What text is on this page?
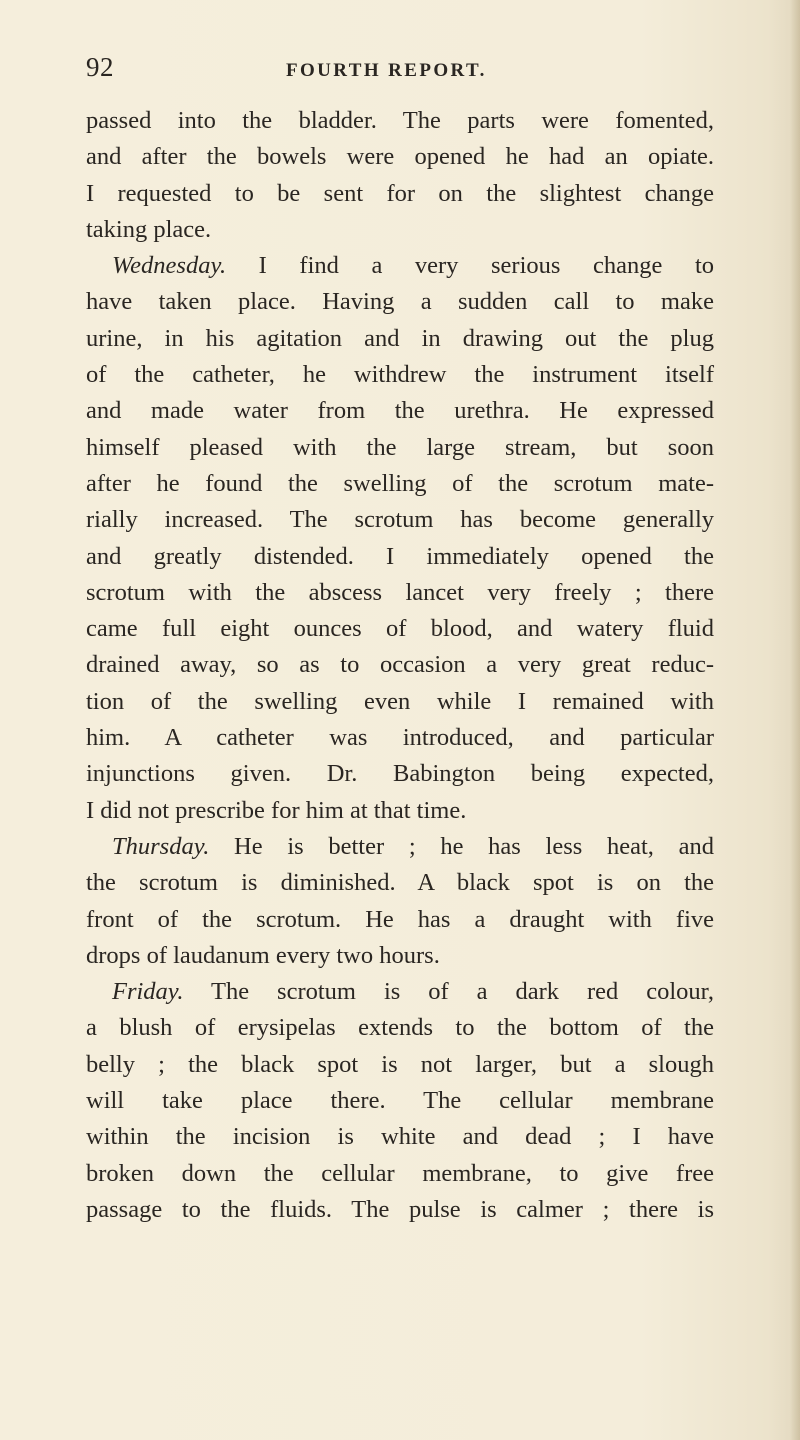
92	FOURTH REPORT.
passed into the bladder. The parts were fomented,
and after the bowels were opened he had an opiate.
I requested to be sent for on the slightest change
taking place.
Wednesday. I find a very serious change to
have taken place. Having a sudden call to make
urine, in his agitation and in drawing out the plug
of the catheter, he withdrew the instrument itself
and made water from the urethra. He expressed
himself pleased with the large stream, but soon
after he found the swelling of the scrotum mate-
rially increased. The scrotum has become generally
and greatly distended. I immediately opened the
scrotum with the abscess lancet very freely ; there
came full eight ounces of blood, and watery fluid
drained away, so as to occasion a very great reduc-
tion of the swelling even while I remained with
him. A catheter was introduced, and particular
injunctions given. Dr. Babington being expected,
I did not prescribe for him at that time.
Thursday. He is better ; he has less heat, and
the scrotum is diminished. A black spot is on the
front of the scrotum. He has a draught with five
drops of laudanum every two hours.
Friday. The scrotum is of a dark red colour,
a blush of erysipelas extends to the bottom of the
belly ; the black spot is not larger, but a slough
will take place there. The cellular membrane
within the incision is white and dead ; I have
broken down the cellular membrane, to give free
passage to the fluids. The pulse is calmer ; there is
